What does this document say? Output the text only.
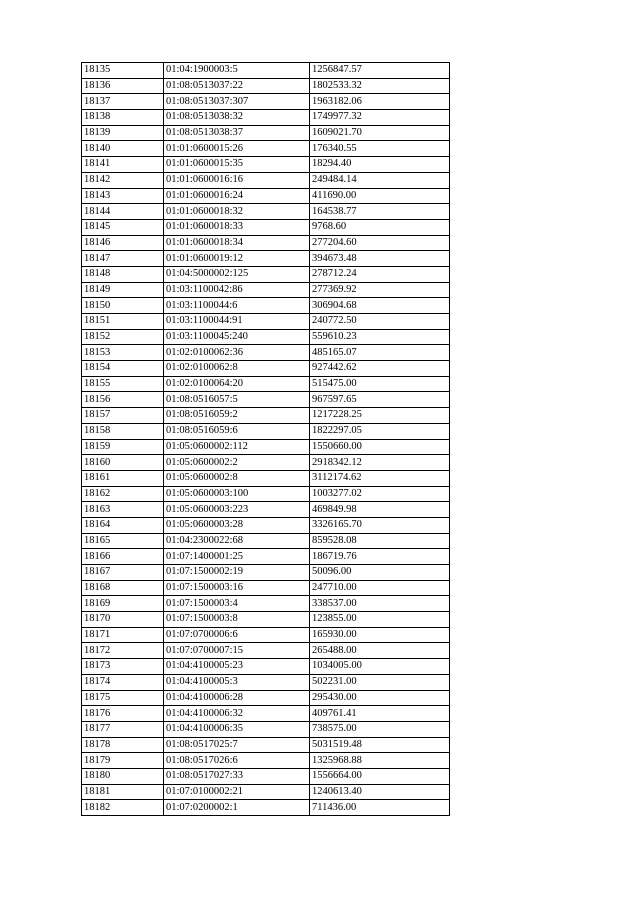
18135	01:04:1900003:5	1256847.57
18136	01:08:0513037:22	1802533.32
18137	01:08:0513037:307	1963182.06
18138	01:08:0513038:32	1749977.32
18139	01:08:0513038:37	1609021.70
18140	01:01:0600015:26	176340.55
18141	01:01:0600015:35	18294.40
18142	01:01:0600016:16	249484.14
18143	01:01:0600016:24	411690.00
18144	01:01:0600018:32	164538.77
18145	01:01:0600018:33	9768.60
18146	01:01:0600018:34	277204.60
18147	01:01:0600019:12	394673.48
18148	01:04:5000002:125	278712.24
18149	01:03:1100042:86	277369.92
18150	01:03:1100044:6	306904.68
18151	01:03:1100044:91	240772.50
18152	01:03:1100045:240	559610.23
18153	01:02:0100062:36	485165.07
18154	01:02:0100062:8	927442.62
18155	01:02:0100064:20	515475.00
18156	01:08:0516057:5	967597.65
18157	01:08:0516059:2	1217228.25
18158	01:08:0516059:6	1822297.05
18159	01:05:0600002:112	1550660.00
18160	01:05:0600002:2	2918342.12
18161	01:05:0600002:8	3112174.62
18162	01:05:0600003:100	1003277.02
18163	01:05:0600003:223	469849.98
18164	01:05:0600003:28	3326165.70
18165	01:04:2300022:68	859528.08
18166	01:07:1400001:25	186719.76
18167	01:07:1500002:19	50096.00
18168	01:07:1500003:16	247710.00
18169	01:07:1500003:4	338537.00
18170	01:07:1500003:8	123855.00
18171	01:07:0700006:6	165930.00
18172	01:07:0700007:15	265488.00
18173	01:04:4100005:23	1034005.00
18174	01:04:4100005:3	502231.00
18175	01:04:4100006:28	295430.00
18176	01:04:4100006:32	409761.41
18177	01:04:4100006:35	738575.00
18178	01:08:0517025:7	5031519.48
18179	01:08:0517026:6	1325968.88
18180	01:08:0517027:33	1556664.00
18181	01:07:0100002:21	1240613.40
18182	01:07:0200002:1	711436.00
